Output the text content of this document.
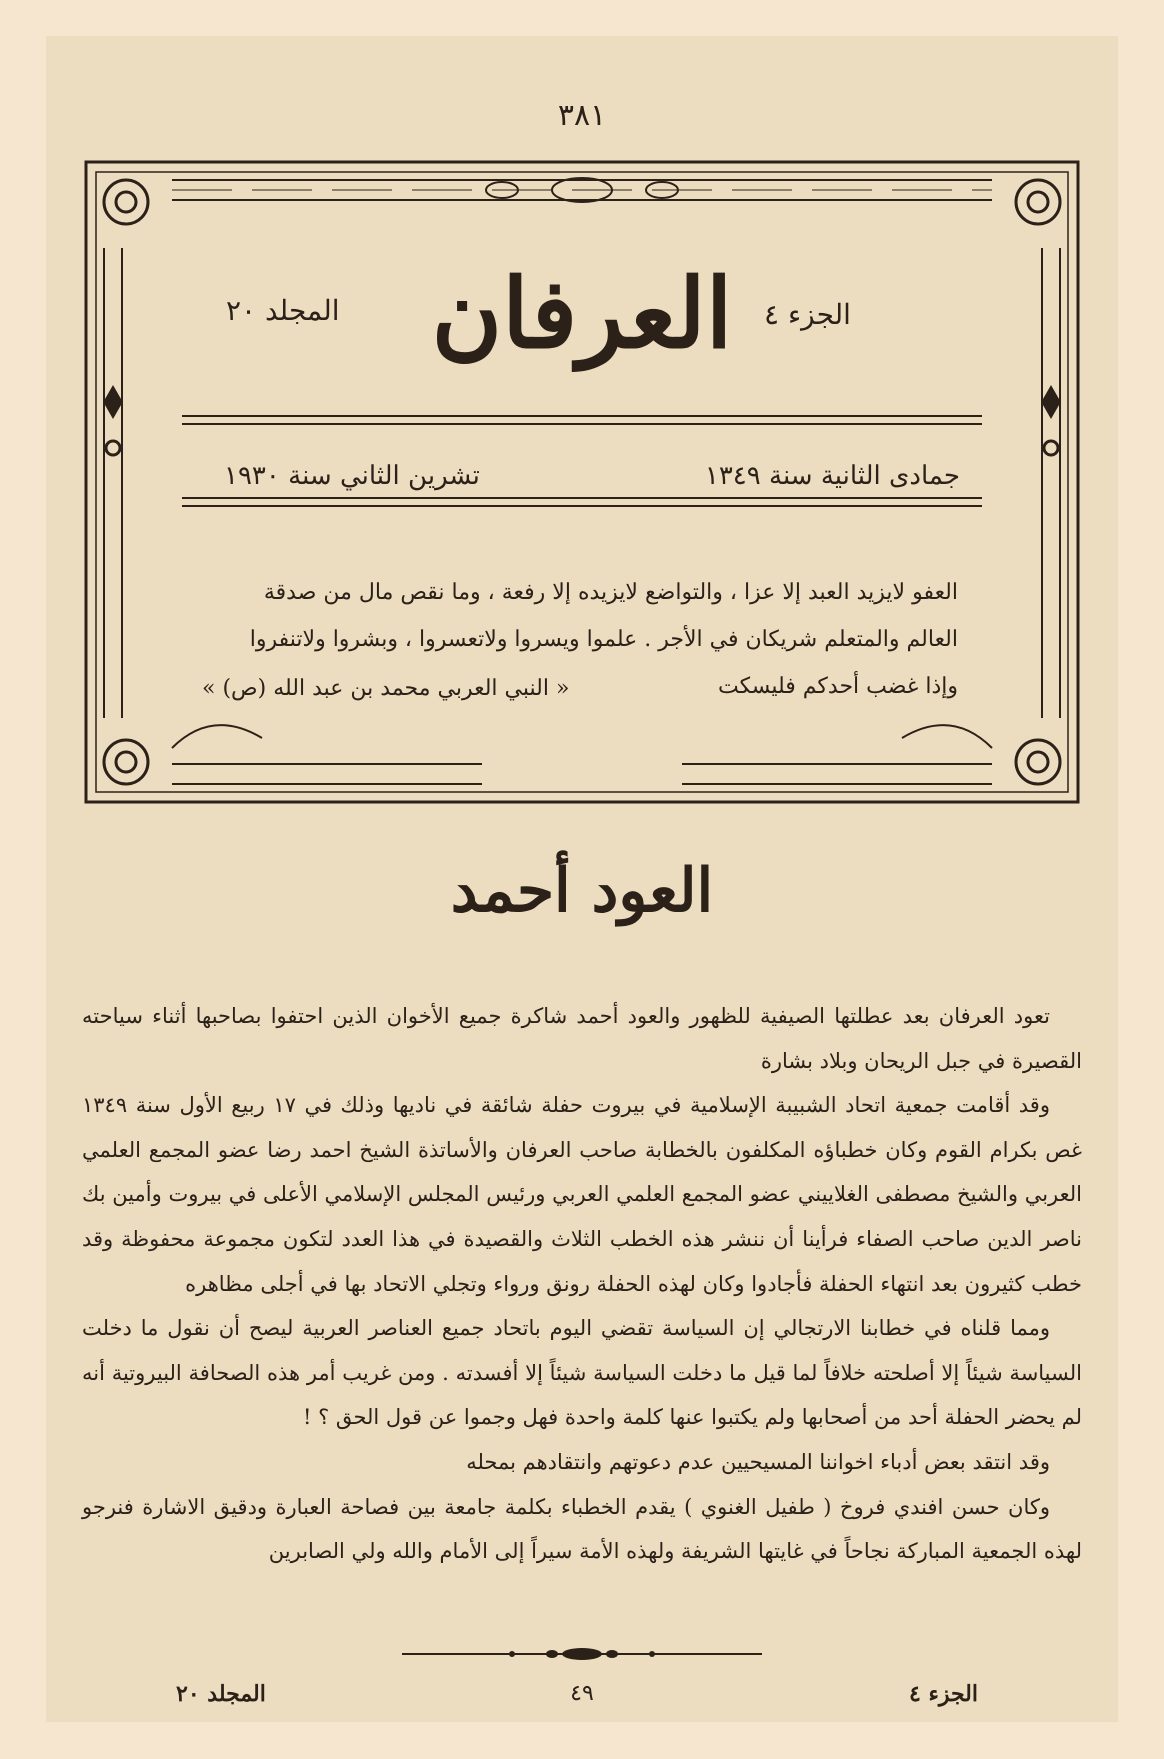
٣٨١
العرفان
المجلد ٢٠	الجزء ٤
جمادى الثانية سنة ١٣٤٩
تشرين الثاني سنة ١٩٣٠
العفو لايزيد العبد إلا عزا ، والتواضع لايزيده إلا رفعة ، وما نقص مال من صدقة
العالم والمتعلم شريكان في الأجر . علموا ويسروا ولاتعسروا ، وبشروا ولاتنفروا
وإذا غضب أحدكم فليسكت
« النبي العربي محمد بن عبد الله (ص) »
العود أحمد

تعود العرفان بعد عطلتها الصيفية للظهور والعود أحمد شاكرة جميع الأخوان الذين احتفوا بصاحبها أثناء سياحته القصيرة في جبل الريحان وبلاد بشارة

وقد أقامت جمعية اتحاد الشبيبة الإسلامية في بيروت حفلة شائقة في ناديها وذلك في ١٧ ربيع الأول سنة ١٣٤٩ غص بكرام القوم وكان خطباؤه المكلفون بالخطابة صاحب العرفان والأساتذة الشيخ احمد رضا عضو المجمع العلمي العربي والشيخ مصطفى الغلاييني عضو المجمع العلمي العربي ورئيس المجلس الإسلامي الأعلى في بيروت وأمين بك ناصر الدين صاحب الصفاء فرأينا أن ننشر هذه الخطب الثلاث والقصيدة في هذا العدد لتكون مجموعة محفوظة وقد خطب كثيرون بعد انتهاء الحفلة فأجادوا وكان لهذه الحفلة رونق ورواء وتجلي الاتحاد بها في أجلى مظاهره

ومما قلناه في خطابنا الارتجالي إن السياسة تقضي اليوم باتحاد جميع العناصر العربية ليصح أن نقول ما دخلت السياسة شيئاً إلا أصلحته خلافاً لما قيل ما دخلت السياسة شيئاً إلا أفسدته . ومن غريب أمر هذه الصحافة البيروتية أنه لم يحضر الحفلة أحد من أصحابها ولم يكتبوا عنها كلمة واحدة فهل وجموا عن قول الحق ؟ !

وقد انتقد بعض أدباء اخواننا المسيحيين عدم دعوتهم وانتقادهم بمحله

وكان حسن افندي فروخ ( طفيل الغنوي ) يقدم الخطباء بكلمة جامعة بين فصاحة العبارة ودقيق الاشارة فنرجو لهذه الجمعية المباركة نجاحاً في غايتها الشريفة ولهذه الأمة سيراً إلى الأمام والله ولي الصابرين

الجزء ٤
٤٩
المجلد ٢٠
